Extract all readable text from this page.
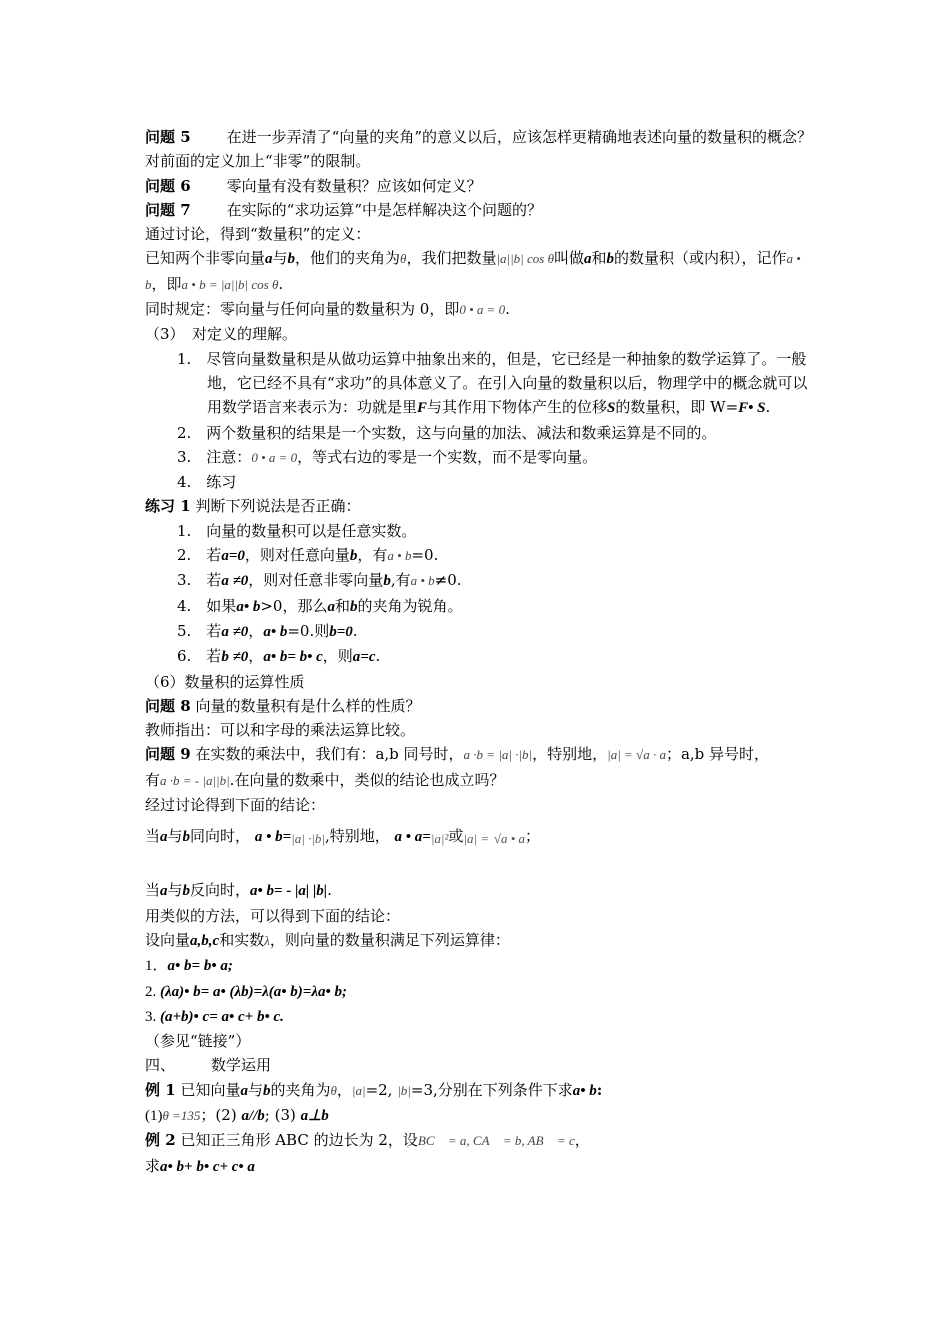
问题 5 在进一步弄清了“向量的夹角”的意义以后，应该怎样更精确地表述向量的数量积的概念？

对前面的定义加上“非零”的限制。

问题 6 零向量有没有数量积？应该如何定义？

问题 7 在实际的“求功运算”中是怎样解决这个问题的？

通过讨论，得到“数量积”的定义：

已知两个非零向量a与b，他们的夹角为θ，我们把数量|a||b| cos θ叫做a和b的数量积（或内积），记作a • b，即a • b = |a||b| cos θ.

同时规定：零向量与任何向量的数量积为 0，即0 • a = 0.

（3）　对定义的理解。

1.　尽管向量数量积是从做功运算中抽象出来的，但是，它已经是一种抽象的数学运算了。一般地，它已经不具有“求功”的具体意义了。在引入向量的数量积以后，物理学中的概念就可以用数学语言来表示为：功就是里F与其作用下物体产生的位移S的数量积，即 W=F• S.

2.　两个数量积的结果是一个实数，这与向量的加法、减法和数乘运算是不同的。

3.　注意：0 • a = 0，等式右边的零是一个实数，而不是零向量。

4.　练习

练习 1 判断下列说法是否正确：

1.　向量的数量积可以是任意实数。

2.　若a=0，则对任意向量b，有a • b=0.

3.　若a ≠0，则对任意非零向量b,有a • b≠0.

4.　如果a• b>0，那么a和b的夹角为锐角。

5.　若a ≠0，a• b=0.则b=0.

6.　若b ≠0，a• b= b• c，则a=c.

（6）数量积的运算性质

问题 8 向量的数量积有是什么样的性质？

教师指出：可以和字母的乘法运算比较。

问题 9 在实数的乘法中，我们有：a,b 同号时，a ·b = |a| ·|b|，特别地，|a| = √a · a；a,b 异号时，
有a ·b = - |a||b|.在向量的数乘中，类似的结论也成立吗？

经过讨论得到下面的结论：

当a与b同向时， a • b=|a| ·|b|,特别地， a • a=|a|²或|a| = √a • a；

当a与b反向时，a• b= - |a| |b|.

用类似的方法，可以得到下面的结论：

设向量a,b,c和实数λ，则向量的数量积满足下列运算律：

1．a• b= b• a;

2. (λa)• b= a• (λb)=λ(a• b)=λa• b;

3. (a+b)• c= a• c+ b• c.

（参见“链接”）

四、 数学运用

例 1 已知向量a与b的夹角为θ，|a|=2, |b|=3,分别在下列条件下求a• b:

(1)θ =135；(2) a//b; (3) a⊥b

例 2 已知正三角形 ABC 的边长为 2，设BC⃗ = a, CA⃗ = b, AB⃗ = c，

求a• b+ b• c+ c• a
